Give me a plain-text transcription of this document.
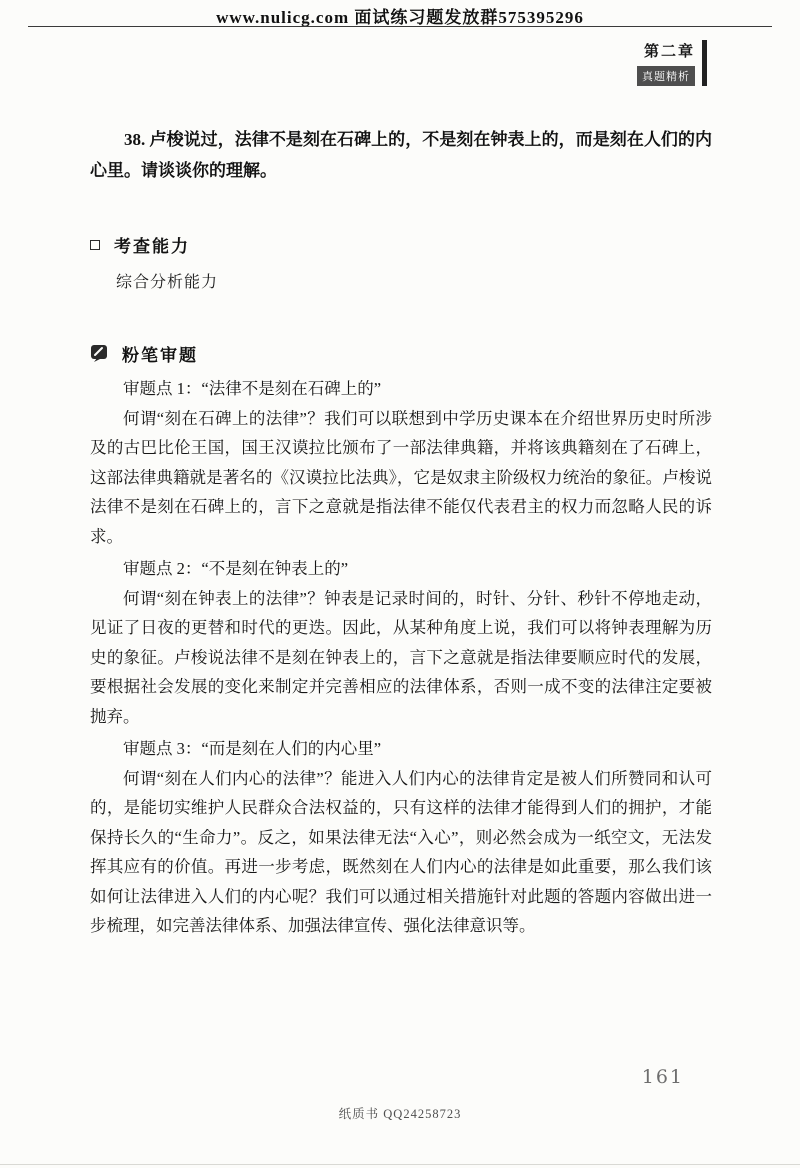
www.nulicg.com 面试练习题发放群575395296
第二章
真题精析

38. 卢梭说过，法律不是刻在石碑上的，不是刻在钟表上的，而是刻在人们的内心里。请谈谈你的理解。

考查能力
综合分析能力
粉笔审题

审题点 1：“法律不是刻在石碑上的”

何谓“刻在石碑上的法律”？我们可以联想到中学历史课本在介绍世界历史时所涉及的古巴比伦王国，国王汉谟拉比颁布了一部法律典籍，并将该典籍刻在了石碑上，这部法律典籍就是著名的《汉谟拉比法典》，它是奴隶主阶级权力统治的象征。卢梭说法律不是刻在石碑上的，言下之意就是指法律不能仅代表君主的权力而忽略人民的诉求。

审题点 2：“不是刻在钟表上的”

何谓“刻在钟表上的法律”？钟表是记录时间的，时针、分针、秒针不停地走动，见证了日夜的更替和时代的更迭。因此，从某种角度上说，我们可以将钟表理解为历史的象征。卢梭说法律不是刻在钟表上的，言下之意就是指法律要顺应时代的发展，要根据社会发展的变化来制定并完善相应的法律体系，否则一成不变的法律注定要被抛弃。

审题点 3：“而是刻在人们的内心里”

何谓“刻在人们内心的法律”？能进入人们内心的法律肯定是被人们所赞同和认可的，是能切实维护人民群众合法权益的，只有这样的法律才能得到人们的拥护，才能保持长久的“生命力”。反之，如果法律无法“入心”，则必然会成为一纸空文，无法发挥其应有的价值。再进一步考虑，既然刻在人们内心的法律是如此重要，那么我们该如何让法律进入人们的内心呢？我们可以通过相关措施针对此题的答题内容做出进一步梳理，如完善法律体系、加强法律宣传、强化法律意识等。

161
纸质书 QQ24258723
